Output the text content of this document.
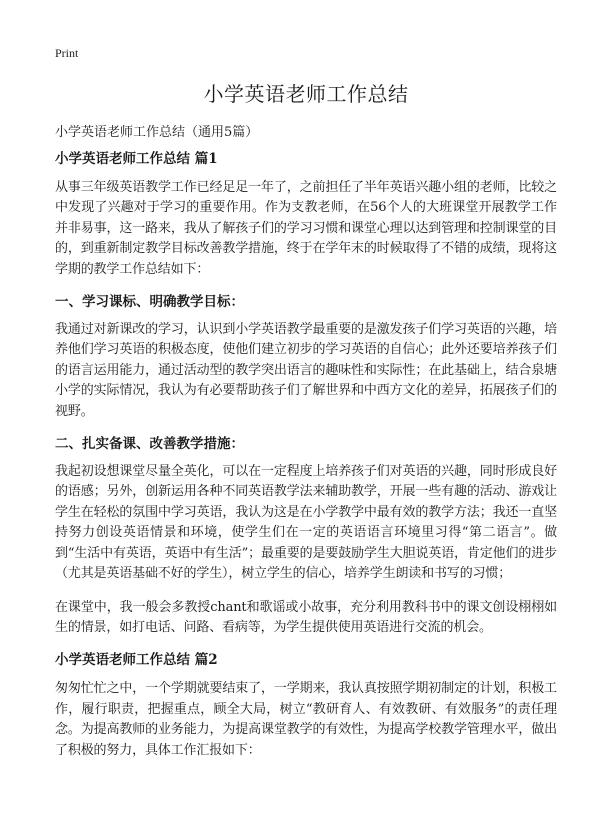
Print
小学英语老师工作总结

小学英语老师工作总结（通用5篇）

小学英语老师工作总结 篇1

从事三年级英语教学工作已经足足一年了，之前担任了半年英语兴趣小组的老师，比较之中发现了兴趣对于学习的重要作用。作为支教老师，在56个人的大班课堂开展教学工作并非易事，这一路来，我从了解孩子们的学习习惯和课堂心理以达到管理和控制课堂的目的，到重新制定教学目标改善教学措施，终于在学年末的时候取得了不错的成绩，现将这学期的教学工作总结如下：

一、学习课标、明确教学目标：

我通过对新课改的学习，认识到小学英语教学最重要的是激发孩子们学习英语的兴趣，培养他们学习英语的积极态度，使他们建立初步的学习英语的自信心；此外还要培养孩子们的语言运用能力，通过活动型的教学突出语言的趣味性和实际性；在此基础上，结合泉塘小学的实际情况，我认为有必要帮助孩子们了解世界和中西方文化的差异，拓展孩子们的视野。

二、扎实备课、改善教学措施：

我起初设想课堂尽量全英化，可以在一定程度上培养孩子们对英语的兴趣，同时形成良好的语感；另外，创新运用各种不同英语教学法来辅助教学，开展一些有趣的活动、游戏让学生在轻松的氛围中学习英语，我认为这是在小学教学中最有效的教学方法；我还一直坚持努力创设英语情景和环境，使学生们在一定的英语语言环境里习得“第二语言”。做到“生活中有英语，英语中有生活”；最重要的是要鼓励学生大胆说英语，肯定他们的进步（尤其是英语基础不好的学生），树立学生的信心，培养学生朗读和书写的习惯；

在课堂中，我一般会多教授chant和歌谣或小故事，充分利用教科书中的课文创设栩栩如生的情景，如打电话、问路、看病等，为学生提供使用英语进行交流的机会。

小学英语老师工作总结 篇2

匆匆忙忙之中，一个学期就要结束了，一学期来，我认真按照学期初制定的计划，积极工作，履行职责，把握重点，顾全大局，树立“教研育人、有效教研、有效服务”的责任理念。为提高教师的业务能力，为提高课堂教学的有效性，为提高学校教学管理水平，做出了积极的努力，具体工作汇报如下：
